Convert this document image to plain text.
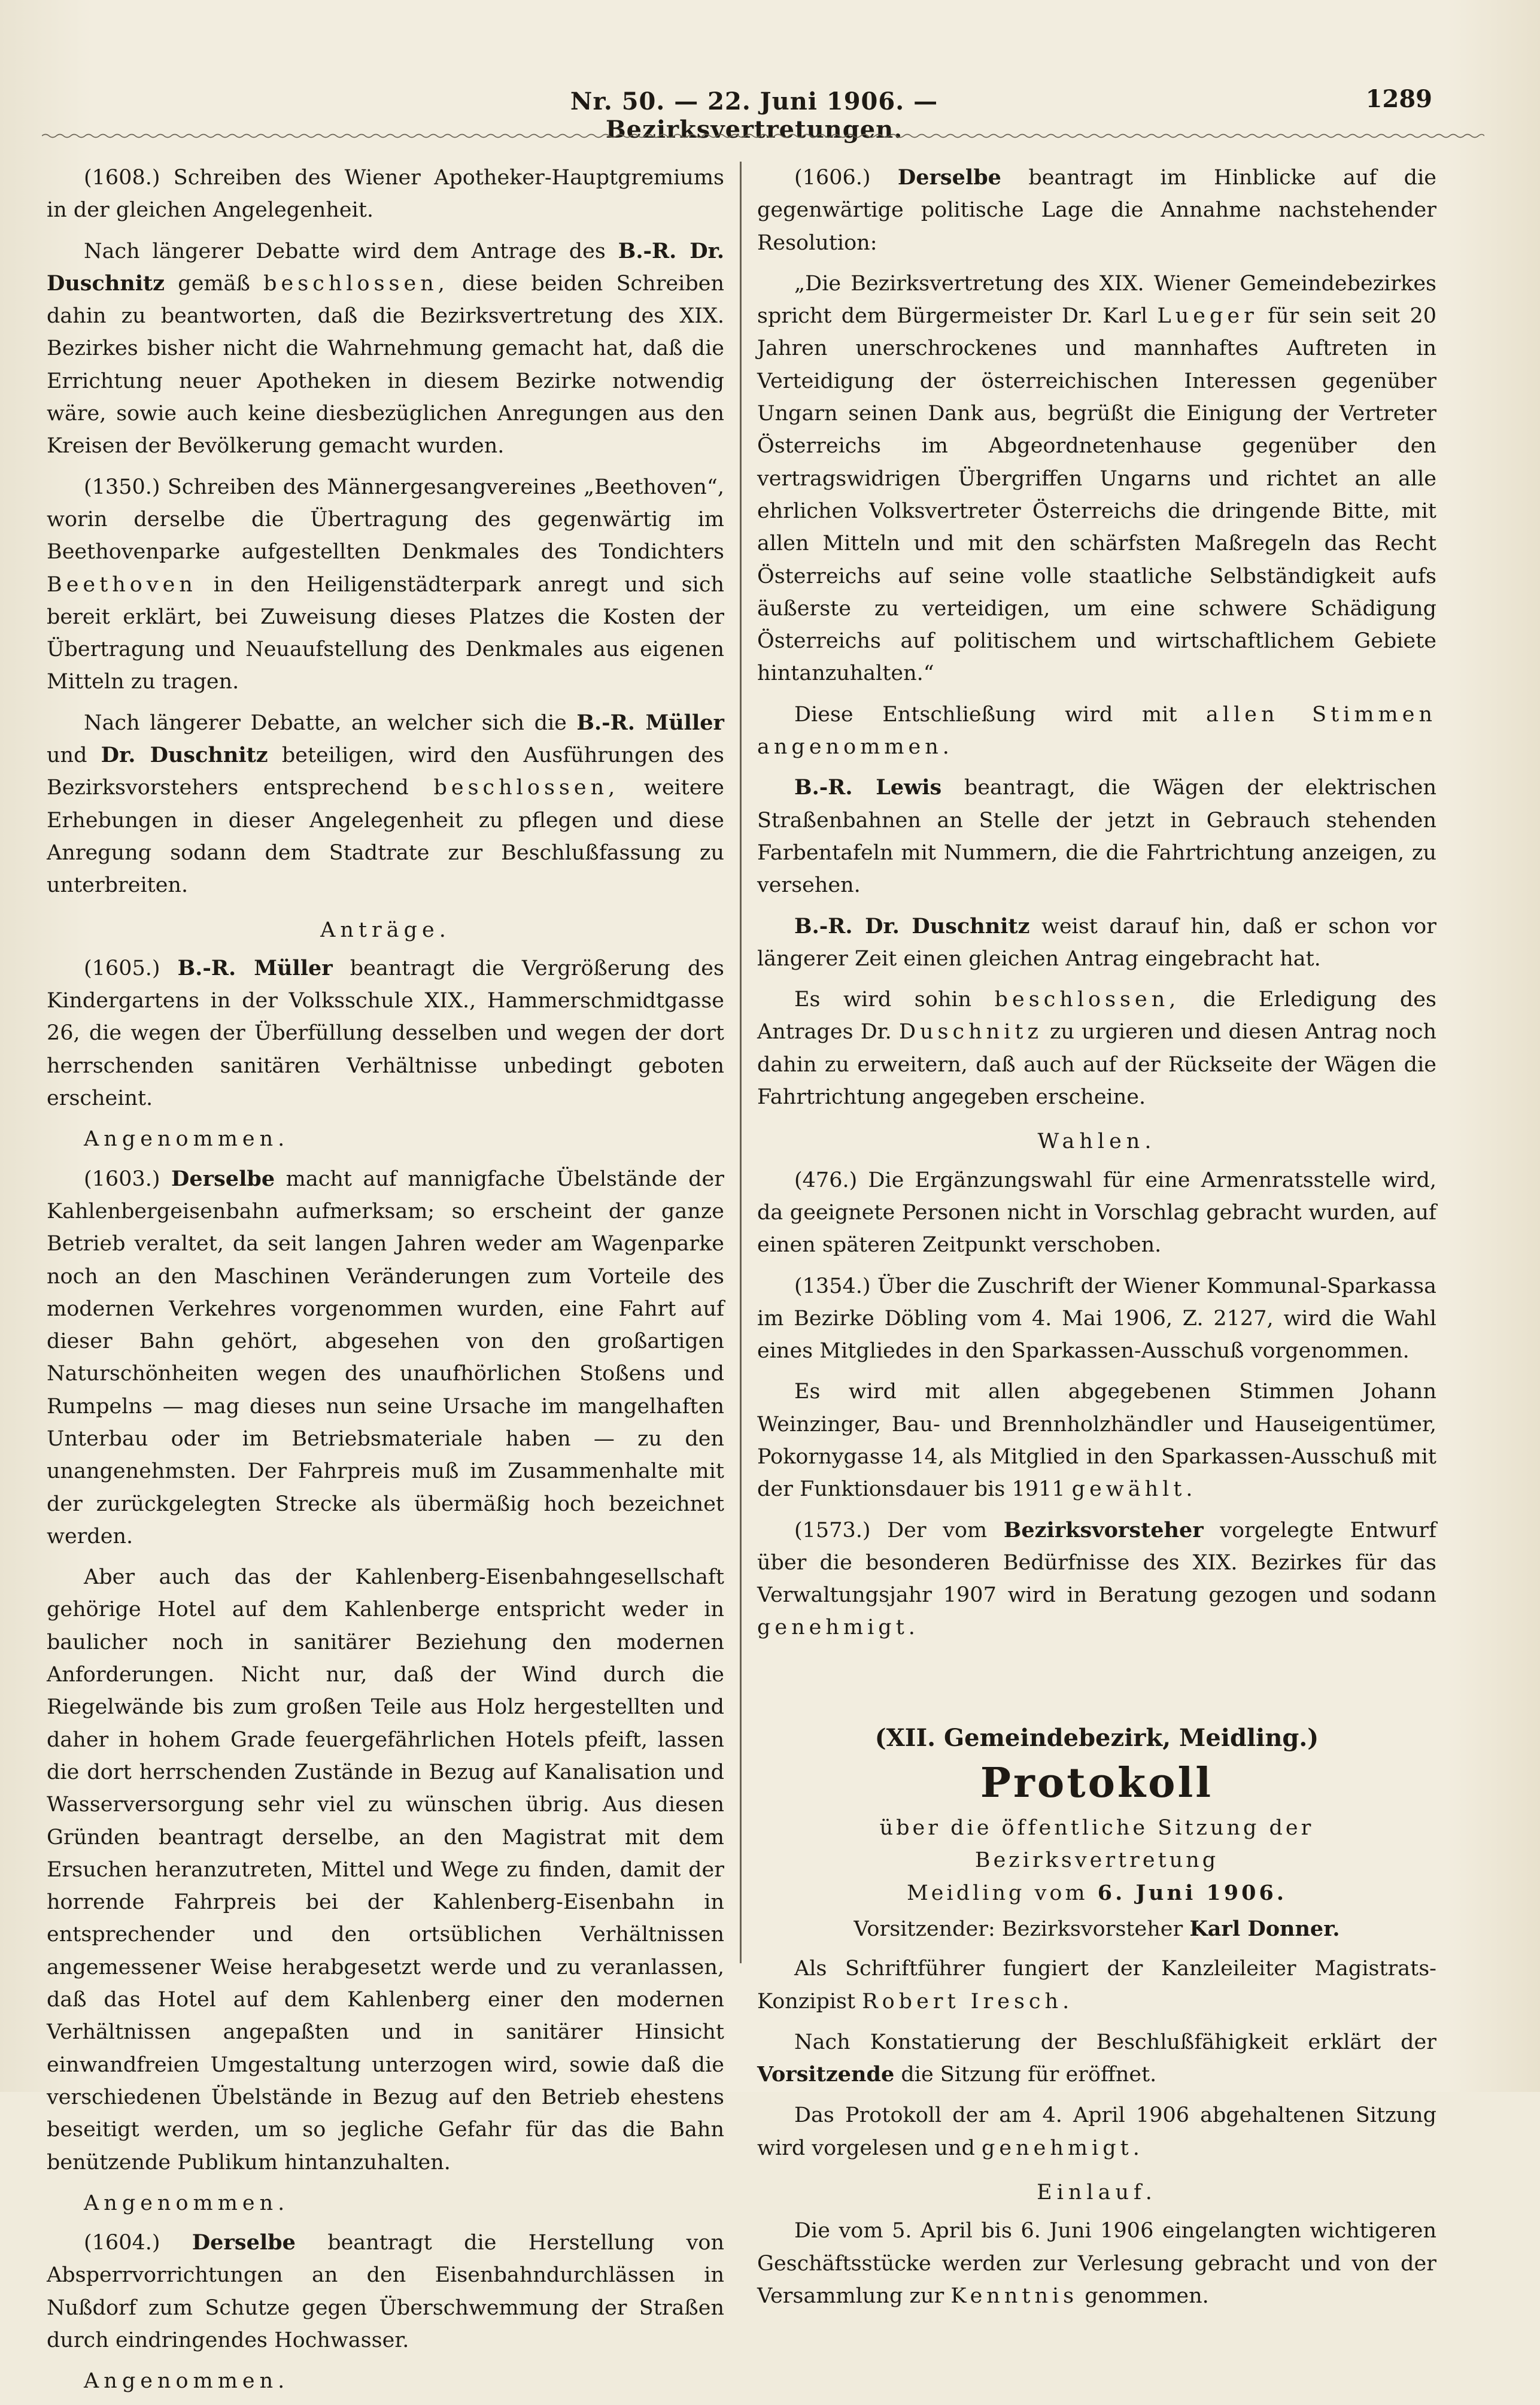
Nr. 50. — 22. Juni 1906. — Bezirksvertretungen.
1289

(1608.) Schreiben des Wiener Apotheker-Hauptgremiums in der gleichen Angelegenheit.

Nach längerer Debatte wird dem Antrage des B.-R. Dr. Duschnitz gemäß beschlossen, diese beiden Schreiben dahin zu beantworten, daß die Bezirksvertretung des XIX. Bezirkes bisher nicht die Wahrnehmung gemacht hat, daß die Errichtung neuer Apotheken in diesem Bezirke notwendig wäre, sowie auch keine diesbezüglichen Anregungen aus den Kreisen der Bevölkerung gemacht wurden.

(1350.) Schreiben des Männergesangvereines „Beethoven“, worin derselbe die Übertragung des gegenwärtig im Beethovenparke aufgestellten Denkmales des Tondichters Beethoven in den Heiligenstädterpark anregt und sich bereit erklärt, bei Zuweisung dieses Platzes die Kosten der Übertragung und Neuaufstellung des Denkmales aus eigenen Mitteln zu tragen.

Nach längerer Debatte, an welcher sich die B.-R. Müller und Dr. Duschnitz beteiligen, wird den Ausführungen des Bezirksvorstehers entsprechend beschlossen, weitere Erhebungen in dieser Angelegenheit zu pflegen und diese Anregung sodann dem Stadtrate zur Beschlußfassung zu unterbreiten.

Anträge.

(1605.) B.-R. Müller beantragt die Vergrößerung des Kindergartens in der Volksschule XIX., Hammerschmidtgasse 26, die wegen der Überfüllung desselben und wegen der dort herrschenden sanitären Verhältnisse unbedingt geboten erscheint.

Angenommen.

(1603.) Derselbe macht auf mannigfache Übelstände der Kahlenbergeisenbahn aufmerksam; so erscheint der ganze Betrieb veraltet, da seit langen Jahren weder am Wagenparke noch an den Maschinen Veränderungen zum Vorteile des modernen Verkehres vorgenommen wurden, eine Fahrt auf dieser Bahn gehört, abgesehen von den großartigen Naturschönheiten wegen des unaufhörlichen Stoßens und Rumpelns — mag dieses nun seine Ursache im mangelhaften Unterbau oder im Betriebsmateriale haben — zu den unangenehmsten. Der Fahrpreis muß im Zusammenhalte mit der zurückgelegten Strecke als übermäßig hoch bezeichnet werden.

Aber auch das der Kahlenberg-Eisenbahngesellschaft gehörige Hotel auf dem Kahlenberge entspricht weder in baulicher noch in sanitärer Beziehung den modernen Anforderungen. Nicht nur, daß der Wind durch die Riegelwände bis zum großen Teile aus Holz hergestellten und daher in hohem Grade feuergefährlichen Hotels pfeift, lassen die dort herrschenden Zustände in Bezug auf Kanalisation und Wasserversorgung sehr viel zu wünschen übrig. Aus diesen Gründen beantragt derselbe, an den Magistrat mit dem Ersuchen heranzutreten, Mittel und Wege zu finden, damit der horrende Fahrpreis bei der Kahlenberg-Eisenbahn in entsprechender und den ortsüblichen Verhältnissen angemessener Weise herabgesetzt werde und zu veranlassen, daß das Hotel auf dem Kahlenberg einer den modernen Verhältnissen angepaßten und in sanitärer Hinsicht einwandfreien Umgestaltung unterzogen wird, sowie daß die verschiedenen Übelstände in Bezug auf den Betrieb ehestens beseitigt werden, um so jegliche Gefahr für das die Bahn benützende Publikum hintanzuhalten.

Angenommen.

(1604.) Derselbe beantragt die Herstellung von Absperrvorrichtungen an den Eisenbahndurchlässen in Nußdorf zum Schutze gegen Überschwemmung der Straßen durch eindringendes Hochwasser.

Angenommen.

(1606.) Derselbe beantragt im Hinblicke auf die gegenwärtige politische Lage die Annahme nachstehender Resolution:

„Die Bezirksvertretung des XIX. Wiener Gemeindebezirkes spricht dem Bürgermeister Dr. Karl Lueger für sein seit 20 Jahren unerschrockenes und mannhaftes Auftreten in Verteidigung der österreichischen Interessen gegenüber Ungarn seinen Dank aus, begrüßt die Einigung der Vertreter Österreichs im Abgeordnetenhause gegenüber den vertragswidrigen Übergriffen Ungarns und richtet an alle ehrlichen Volksvertreter Österreichs die dringende Bitte, mit allen Mitteln und mit den schärfsten Maßregeln das Recht Österreichs auf seine volle staatliche Selbständigkeit aufs äußerste zu verteidigen, um eine schwere Schädigung Österreichs auf politischem und wirtschaftlichem Gebiete hintanzuhalten.“

Diese Entschließung wird mit allen Stimmen angenommen.

B.-R. Lewis beantragt, die Wägen der elektrischen Straßenbahnen an Stelle der jetzt in Gebrauch stehenden Farbentafeln mit Nummern, die die Fahrtrichtung anzeigen, zu versehen.

B.-R. Dr. Duschnitz weist darauf hin, daß er schon vor längerer Zeit einen gleichen Antrag eingebracht hat.

Es wird sohin beschlossen, die Erledigung des Antrages Dr. Duschnitz zu urgieren und diesen Antrag noch dahin zu erweitern, daß auch auf der Rückseite der Wägen die Fahrtrichtung angegeben erscheine.

Wahlen.

(476.) Die Ergänzungswahl für eine Armenratsstelle wird, da geeignete Personen nicht in Vorschlag gebracht wurden, auf einen späteren Zeitpunkt verschoben.

(1354.) Über die Zuschrift der Wiener Kommunal-Sparkassa im Bezirke Döbling vom 4. Mai 1906, Z. 2127, wird die Wahl eines Mitgliedes in den Sparkassen-Ausschuß vorgenommen.

Es wird mit allen abgegebenen Stimmen Johann Weinzinger, Bau- und Brennholzhändler und Hauseigentümer, Pokornygasse 14, als Mitglied in den Sparkassen-Ausschuß mit der Funktionsdauer bis 1911 gewählt.

(1573.) Der vom Bezirksvorsteher vorgelegte Entwurf über die besonderen Bedürfnisse des XIX. Bezirkes für das Verwaltungsjahr 1907 wird in Beratung gezogen und sodann genehmigt.

(XII. Gemeindebezirk, Meidling.)

Protokoll

über die öffentliche Sitzung der Bezirksvertretung

Meidling vom 6. Juni 1906.

Vorsitzender: Bezirksvorsteher Karl Donner.

Als Schriftführer fungiert der Kanzleileiter Magistrats-Konzipist Robert Iresch.

Nach Konstatierung der Beschlußfähigkeit erklärt der Vorsitzende die Sitzung für eröffnet.

Das Protokoll der am 4. April 1906 abgehaltenen Sitzung wird vorgelesen und genehmigt.

Einlauf.

Die vom 5. April bis 6. Juni 1906 eingelangten wichtigeren Geschäftsstücke werden zur Verlesung gebracht und von der Versammlung zur Kenntnis genommen.
